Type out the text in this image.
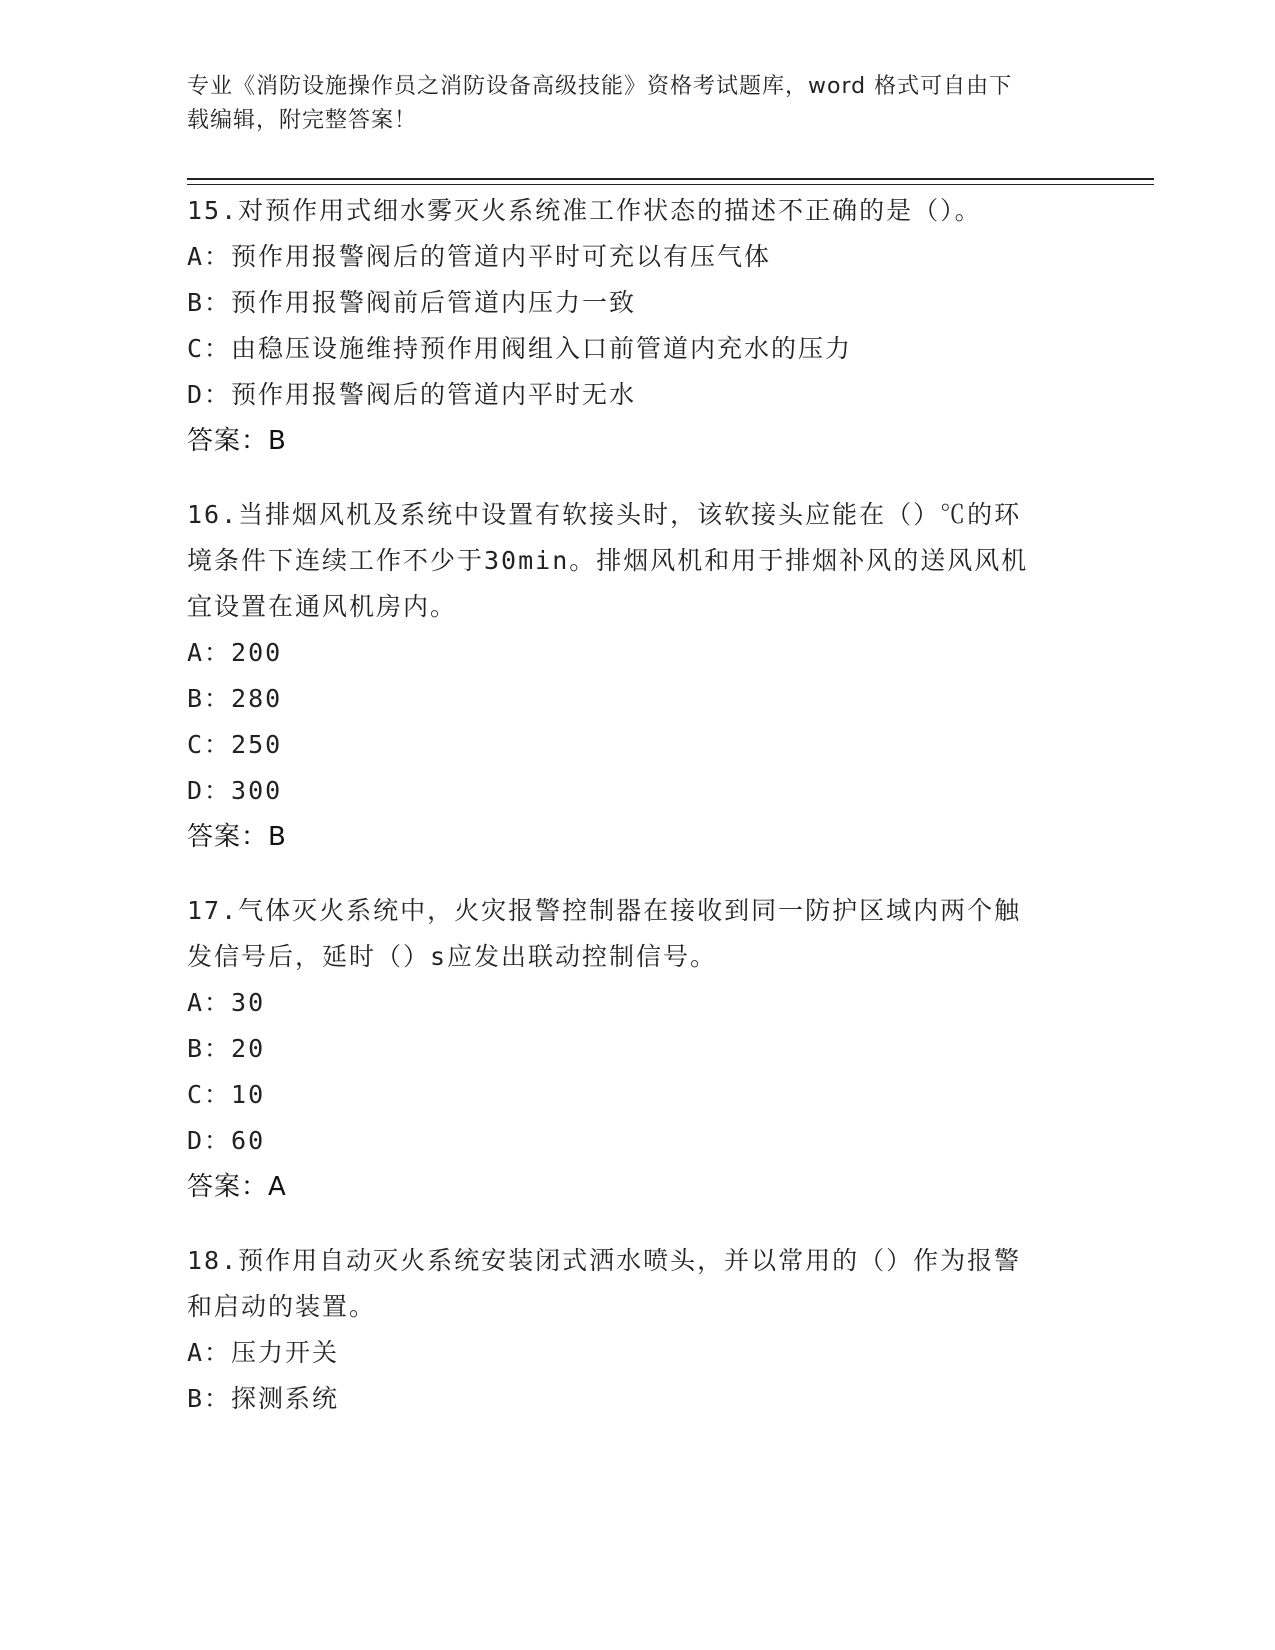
专业《消防设施操作员之消防设备高级技能》资格考试题库，word 格式可自由下
载编辑，附完整答案！

15.对预作用式细水雾灭火系统准工作状态的描述不正确的是（）。

A：预作用报警阀后的管道内平时可充以有压气体

B：预作用报警阀前后管道内压力一致

C：由稳压设施维持预作用阀组入口前管道内充水的压力

D：预作用报警阀后的管道内平时无水

答案：B

16.当排烟风机及系统中设置有软接头时，该软接头应能在（）℃的环

境条件下连续工作不少于30min。排烟风机和用于排烟补风的送风风机

宜设置在通风机房内。

A：200

B：280

C：250

D：300

答案：B

17.气体灭火系统中，火灾报警控制器在接收到同一防护区域内两个触

发信号后，延时（）s应发出联动控制信号。

A：30

B：20

C：10

D：60

答案：A

18.预作用自动灭火系统安装闭式洒水喷头，并以常用的（）作为报警

和启动的装置。

A：压力开关

B：探测系统
